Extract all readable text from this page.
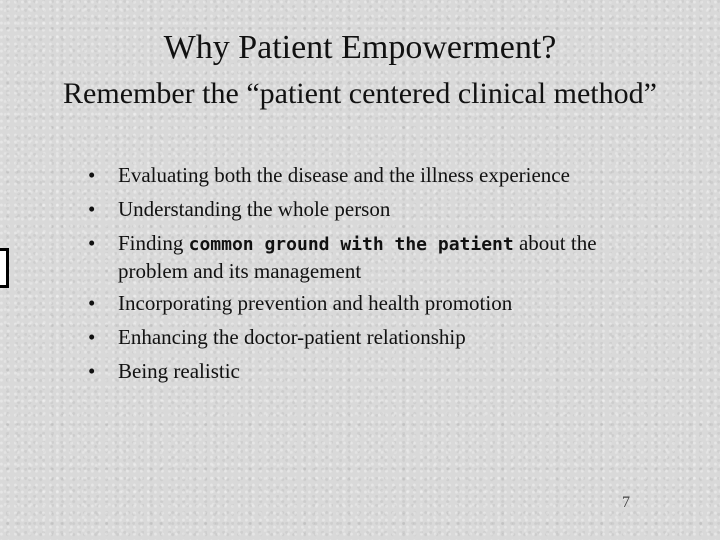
Why Patient Empowerment?
Remember the “patient centered clinical method”
• Evaluating both the disease and the illness experience
• Understanding the whole person
• Finding common ground with the patient about the
problem and its management
• Incorporating prevention and health promotion
• Enhancing the doctor-patient relationship
• Being realistic
7
